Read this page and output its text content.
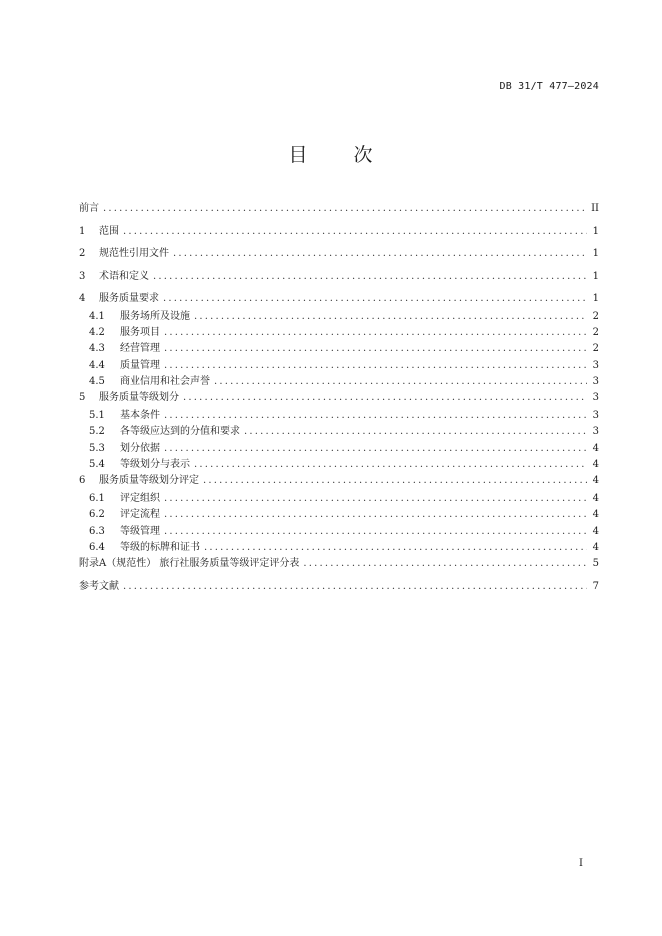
DB 31/T 477—2024
目 次
前言 .....	II
1	范围 .....	1
2	规范性引用文件 .....	1
3	术语和定义 .....	1
4	服务质量要求 .....	1
4.1	服务场所及设施 .....	2
4.2	服务项目 .....	2
4.3	经营管理 .....	2
4.4	质量管理 .....	3
4.5	商业信用和社会声誉 .....	3
5	服务质量等级划分 .....	3
5.1	基本条件 .....	3
5.2	各等级应达到的分值和要求 .....	3
5.3	划分依据 .....	4
5.4	等级划分与表示 .....	4
6	服务质量等级划分评定 .....	4
6.1	评定组织 .....	4
6.2	评定流程 .....	4
6.3	等级管理 .....	4
6.4	等级的标牌和证书 .....	4
附录A（规范性） 旅行社服务质量等级评定评分表 .....	5
参考文献 .....	7
I
